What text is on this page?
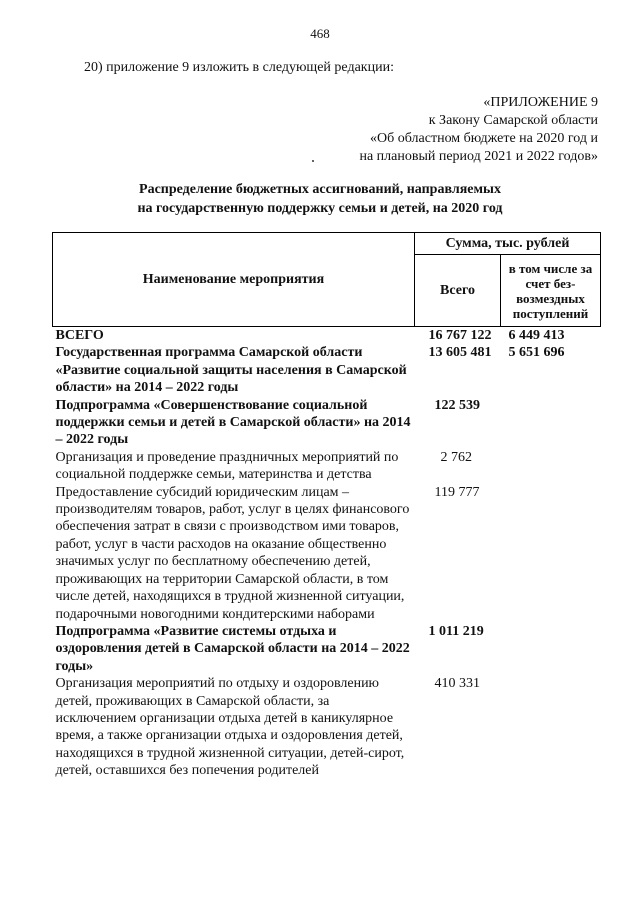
468
20) приложение 9 изложить в следующей редакции:
«ПРИЛОЖЕНИЕ 9
к Закону Самарской области
«Об областном бюджете на 2020 год и
на плановый период 2021 и 2022 годов»
Распределение бюджетных ассигнований, направляемых
на государственную поддержку семьи и детей, на 2020 год
Наименование мероприятия	Сумма, тыс. рублей	
	Всего	в том числе за счет без-возмездных поступлений
ВСЕГО	16 767 122	6 449 413
Государственная программа Самарской области «Развитие социальной защиты населения в Самарской области» на 2014 – 2022 годы	13 605 481	5 651 696
Подпрограмма «Совершенствование социальной поддержки семьи и детей в Самарской области» на 2014 – 2022 годы	122 539	
Организация и проведение праздничных мероприятий по социальной поддержке семьи, материнства и детства	2 762	
Предоставление субсидий юридическим лицам – производителям товаров, работ, услуг в целях финансового обеспечения затрат в связи с производством ими товаров, работ, услуг в части расходов на оказание общественно значимых услуг по бесплатному обеспечению детей, проживающих на территории Самарской области, в том числе детей, находящихся в трудной жизненной ситуации, подарочными новогодними кондитерскими наборами	119 777	
Подпрограмма «Развитие системы отдыха и оздоровления детей в Самарской области на 2014 – 2022 годы»	1 011 219	
Организация мероприятий по отдыху и оздоровлению детей, проживающих в Самарской области, за исключением организации отдыха детей в каникулярное время, а также организации отдыха и оздоровления детей, находящихся в трудной жизненной ситуации, детей-сирот, детей, оставшихся без попечения родителей	410 331	
